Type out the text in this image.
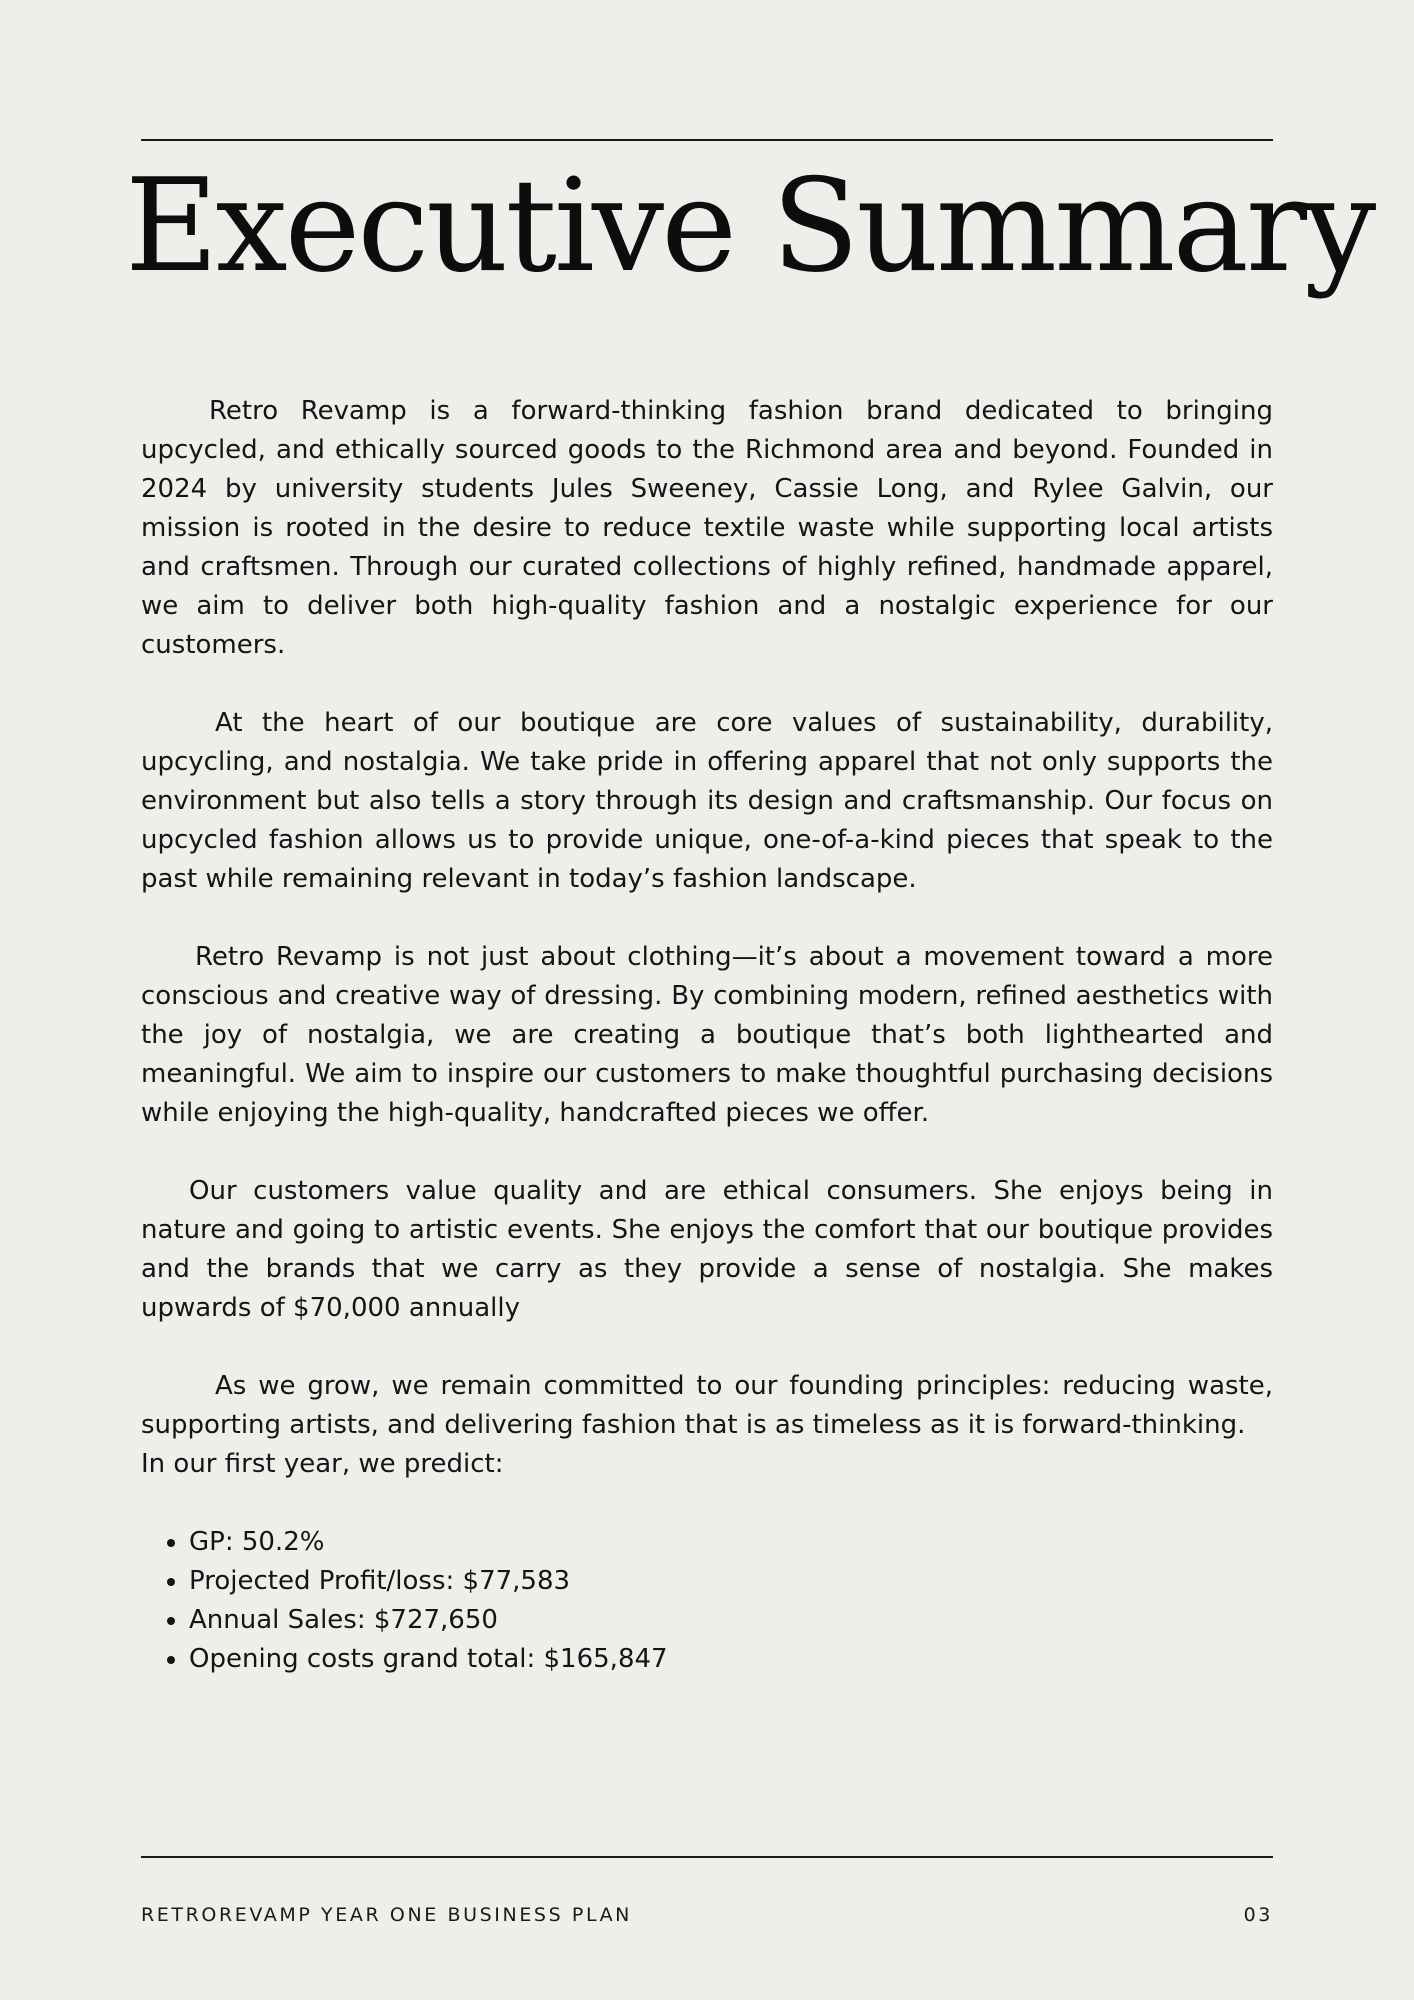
Executive Summary

Retro Revamp is a forward-thinking fashion brand dedicated to bringing upcycled, and ethically sourced goods to the Richmond area and beyond. Founded in 2024 by university students Jules Sweeney, Cassie Long, and Rylee Galvin, our mission is rooted in the desire to reduce textile waste while supporting local artists and craftsmen. Through our curated collections of highly refined, handmade apparel, we aim to deliver both high-quality fashion and a nostalgic experience for our customers.

At the heart of our boutique are core values of sustainability, durability, upcycling, and nostalgia. We take pride in offering apparel that not only supports the environment but also tells a story through its design and craftsmanship. Our focus on upcycled fashion allows us to provide unique, one-of-a-kind pieces that speak to the past while remaining relevant in today’s fashion landscape.

Retro Revamp is not just about clothing—it’s about a movement toward a more conscious and creative way of dressing. By combining modern, refined aesthetics with the joy of nostalgia, we are creating a boutique that’s both lighthearted and meaningful. We aim to inspire our customers to make thoughtful purchasing decisions while enjoying the high-quality, handcrafted pieces we offer.

Our customers value quality and are ethical consumers. She enjoys being in nature and going to artistic events. She enjoys the comfort that our boutique provides and the brands that we carry as they provide a sense of nostalgia. She makes upwards of $70,000 annually

As we grow, we remain committed to our founding principles: reducing waste, supporting artists, and delivering fashion that is as timeless as it is forward-thinking.

In our first year, we predict:

• GP: 50.2%
• Projected Profit/loss: $77,583
• Annual Sales: $727,650
• Opening costs grand total: $165,847
RETROREVAMP YEAR ONE BUSINESS PLAN	03
